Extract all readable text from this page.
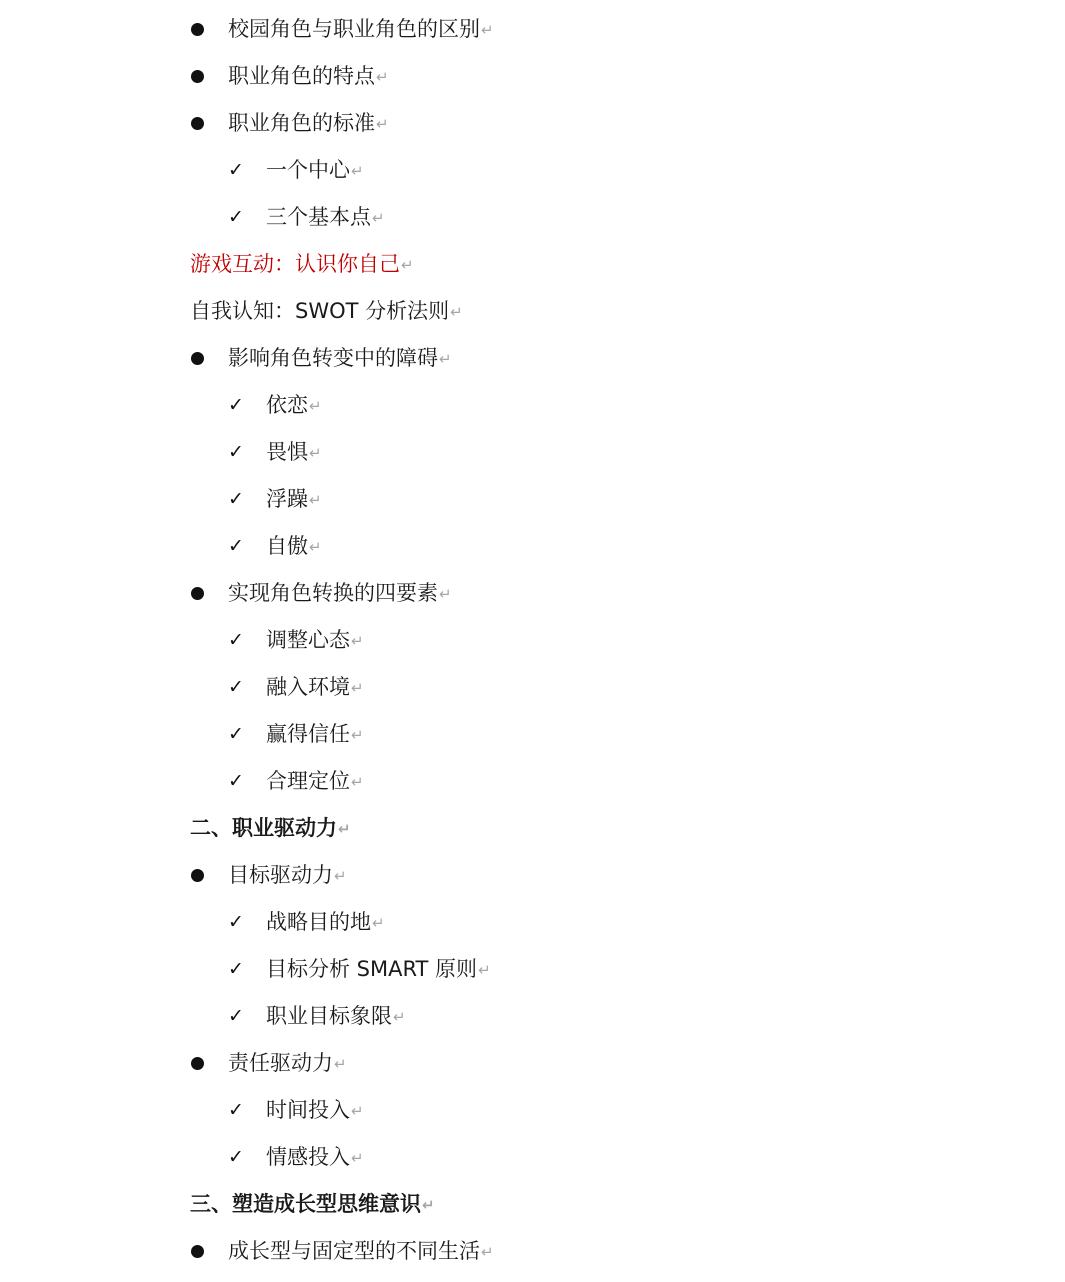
校园角色与职业角色的区别↵
职业角色的特点↵
职业角色的标准↵
✓ 一个中心↵
✓ 三个基本点↵
游戏互动：认识你自己↵
自我认知：SWOT 分析法则↵
影响角色转变中的障碍↵
✓ 依恋↵
✓ 畏惧↵
✓ 浮躁↵
✓ 自傲↵
实现角色转换的四要素↵
✓ 调整心态↵
✓ 融入环境↵
✓ 赢得信任↵
✓ 合理定位↵
二、职业驱动力↵
目标驱动力↵
✓ 战略目的地↵
✓ 目标分析 SMART 原则↵
✓ 职业目标象限↵
责任驱动力↵
✓ 时间投入↵
✓ 情感投入↵
三、塑造成长型思维意识↵
成长型与固定型的不同生活↵
